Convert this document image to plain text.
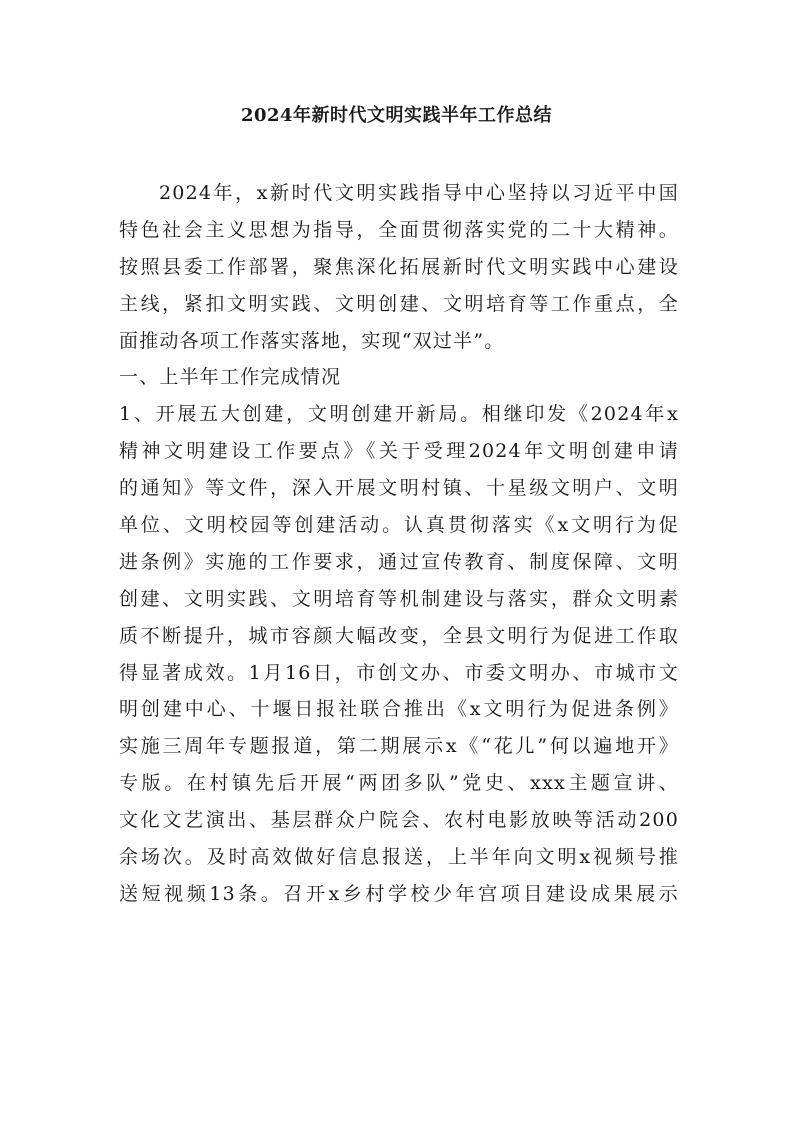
2024年新时代文明实践半年工作总结
2024年，x新时代文明实践指导中心坚持以习近平中国
特色社会主义思想为指导，全面贯彻落实党的二十大精神。
按照县委工作部署，聚焦深化拓展新时代文明实践中心建设
主线，紧扣文明实践、文明创建、文明培育等工作重点，全
面推动各项工作落实落地，实现“双过半”。
一、上半年工作完成情况
1、开展五大创建，文明创建开新局。相继印发《2024年x
精神文明建设工作要点》《关于受理2024年文明创建申请
的通知》等文件，深入开展文明村镇、十星级文明户、文明
单位、文明校园等创建活动。认真贯彻落实《x文明行为促
进条例》实施的工作要求，通过宣传教育、制度保障、文明
创建、文明实践、文明培育等机制建设与落实，群众文明素
质不断提升，城市容颜大幅改变，全县文明行为促进工作取
得显著成效。1月16日，市创文办、市委文明办、市城市文
明创建中心、十堰日报社联合推出《x文明行为促进条例》
实施三周年专题报道，第二期展示x《“花儿”何以遍地开》
专版。在村镇先后开展“两团多队”党史、xxx主题宣讲、
文化文艺演出、基层群众户院会、农村电影放映等活动200
余场次。及时高效做好信息报送，上半年向文明x视频号推
送短视频13条。召开x乡村学校少年宫项目建设成果展示
